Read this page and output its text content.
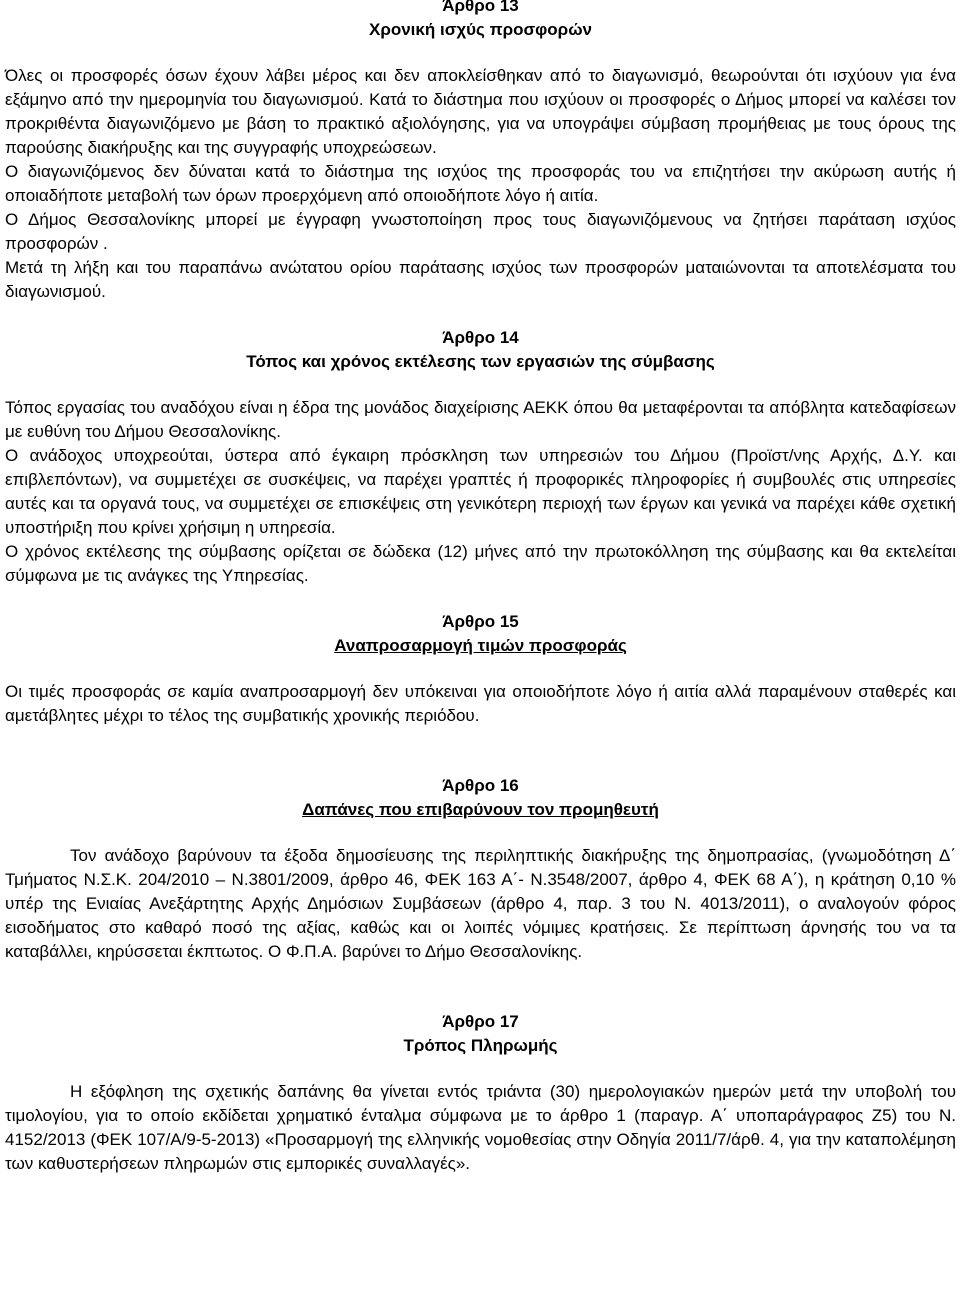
Άρθρο 13
Χρονική ισχύς προσφορών

Όλες οι προσφορές όσων έχουν λάβει μέρος και δεν αποκλείσθηκαν από το διαγωνισμό, θεωρούνται ότι ισχύουν για ένα εξάμηνο από την ημερομηνία του διαγωνισμού. Κατά το διάστημα που ισχύουν οι προσφορές ο Δήμος μπορεί να καλέσει τον προκριθέντα διαγωνιζόμενο με βάση το πρακτικό αξιολόγησης, για να υπογράψει σύμβαση προμήθειας με τους όρους της παρούσης διακήρυξης και της συγγραφής υποχρεώσεων.

Ο διαγωνιζόμενος δεν δύναται κατά το διάστημα της ισχύος της προσφοράς του να επιζητήσει την ακύρωση αυτής ή οποιαδήποτε μεταβολή των όρων προερχόμενη από οποιοδήποτε λόγο ή αιτία.

Ο Δήμος Θεσσαλονίκης μπορεί με έγγραφη γνωστοποίηση προς τους διαγωνιζόμενους να ζητήσει παράταση ισχύος προσφορών .

Μετά τη λήξη και του παραπάνω ανώτατου ορίου παράτασης ισχύος των προσφορών ματαιώνονται τα αποτελέσματα του διαγωνισμού.

Άρθρο 14
Τόπος και χρόνος εκτέλεσης των εργασιών της σύμβασης

Τόπος εργασίας του αναδόχου είναι η έδρα της μονάδος διαχείρισης ΑΕΚΚ όπου θα μεταφέρονται τα απόβλητα κατεδαφίσεων με ευθύνη του Δήμου Θεσσαλονίκης.

Ο ανάδοχος υποχρεούται, ύστερα από έγκαιρη πρόσκληση των υπηρεσιών του Δήμου (Προϊστ/νης Αρχής, Δ.Υ. και επιβλεπόντων), να συμμετέχει σε συσκέψεις, να παρέχει γραπτές ή προφορικές πληροφορίες ή συμβουλές στις υπηρεσίες αυτές και τα οργανά τους, να συμμετέχει σε επισκέψεις στη γενικότερη περιοχή των έργων και γενικά να παρέχει κάθε σχετική υποστήριξη που κρίνει χρήσιμη η υπηρεσία.

Ο χρόνος εκτέλεσης της σύμβασης ορίζεται σε δώδεκα (12) μήνες από την πρωτοκόλληση της σύμβασης και θα εκτελείται σύμφωνα με τις ανάγκες της Υπηρεσίας.

Άρθρο 15
Αναπροσαρμογή τιμών προσφοράς

Οι τιμές προσφοράς σε καμία αναπροσαρμογή δεν υπόκειναι για οποιοδήποτε λόγο ή αιτία αλλά παραμένουν σταθερές και αμετάβλητες μέχρι το τέλος της συμβατικής χρονικής περιόδου.

Άρθρο 16
Δαπάνες που επιβαρύνουν τον προμηθευτή

Τον ανάδοχο βαρύνουν τα έξοδα δημοσίευσης της περιληπτικής διακήρυξης της δημοπρασίας, (γνωμοδότηση Δ΄ Τμήματος Ν.Σ.Κ. 204/2010 – Ν.3801/2009, άρθρο 46, ΦΕΚ 163 Α΄- Ν.3548/2007, άρθρο 4, ΦΕΚ 68 Α΄), η κράτηση 0,10 % υπέρ της Ενιαίας Ανεξάρτητης Αρχής Δημόσιων Συμβάσεων (άρθρο 4, παρ. 3 του Ν. 4013/2011), ο αναλογούν φόρος εισοδήματος στο καθαρό ποσό της αξίας, καθώς και οι λοιπές νόμιμες κρατήσεις. Σε περίπτωση άρνησής του να τα καταβάλλει, κηρύσσεται έκπτωτος. Ο Φ.Π.Α. βαρύνει το Δήμο Θεσσαλονίκης.

Άρθρο 17
Τρόπος Πληρωμής

Η εξόφληση της σχετικής δαπάνης θα γίνεται εντός τριάντα (30) ημερολογιακών ημερών μετά την υποβολή του τιμολογίου, για το οποίο εκδίδεται χρηματικό ένταλμα σύμφωνα με το άρθρο 1 (παραγρ. Α΄ υποπαράγραφος Ζ5) του Ν. 4152/2013 (ΦΕΚ 107/Α/9-5-2013) «Προσαρμογή της ελληνικής νομοθεσίας στην Οδηγία 2011/7/άρθ. 4, για την καταπολέμηση των καθυστερήσεων πληρωμών στις εμπορικές συναλλαγές».
